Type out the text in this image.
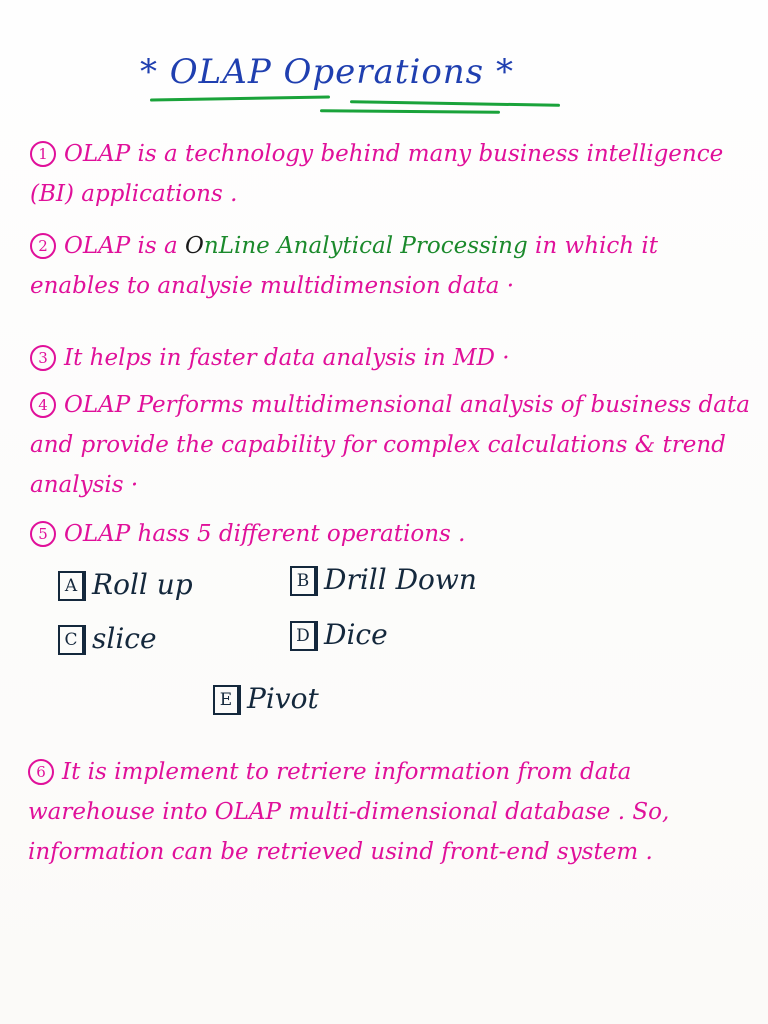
* OLAP Operations *
1 OLAP is a technology behind many business intelligence (BI) applications .
2 OLAP is a OnLine Analytical Processing in which it enables to analysie multidimension data ·
3 It helps in faster data analysis in MD ·
4 OLAP Performs multidimensional analysis of business data and provide the capability for complex calculations & trend analysis ·
5 OLAP hass 5 different operations .
A Roll up	B Drill Down
C slice	D Dice
E Pivot
6 It is implement to retriere information from data warehouse into OLAP multi-dimensional database . So, information can be retrieved usind front-end system .
